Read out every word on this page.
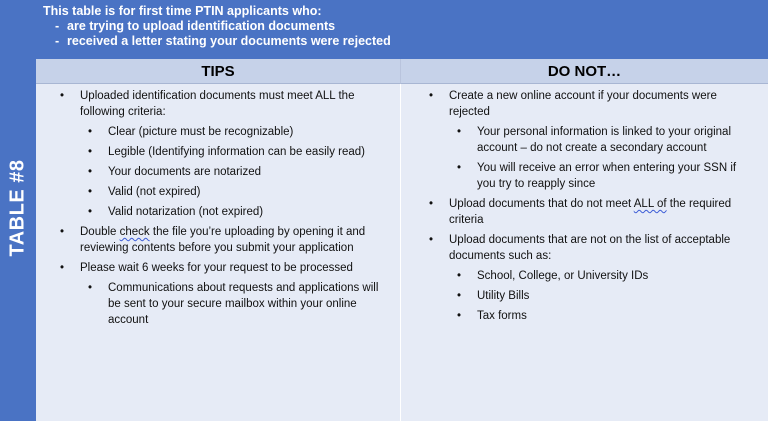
TABLE #8
This table is for first time PTIN applicants who:
- are trying to upload identification documents
- received a letter stating your documents were rejected
TIPS	DO NOT…
• Uploaded identification documents must meet ALL the following criteria:
• Clear (picture must be recognizable)
• Legible (Identifying information can be easily read)
• Your documents are notarized
• Valid (not expired)
• Valid notarization (not expired)
• Double check the file you’re uploading by opening it and reviewing contents before you submit your application
• Please wait 6 weeks for your request to be processed
• Communications about requests and applications will be sent to your secure mailbox within your online account
• Create a new online account if your documents were rejected
• Your personal information is linked to your original account – do not create a secondary account
• You will receive an error when entering your SSN if you try to reapply since
• Upload documents that do not meet ALL of the required criteria
• Upload documents that are not on the list of acceptable documents such as:
• School, College, or University IDs
• Utility Bills
• Tax forms
